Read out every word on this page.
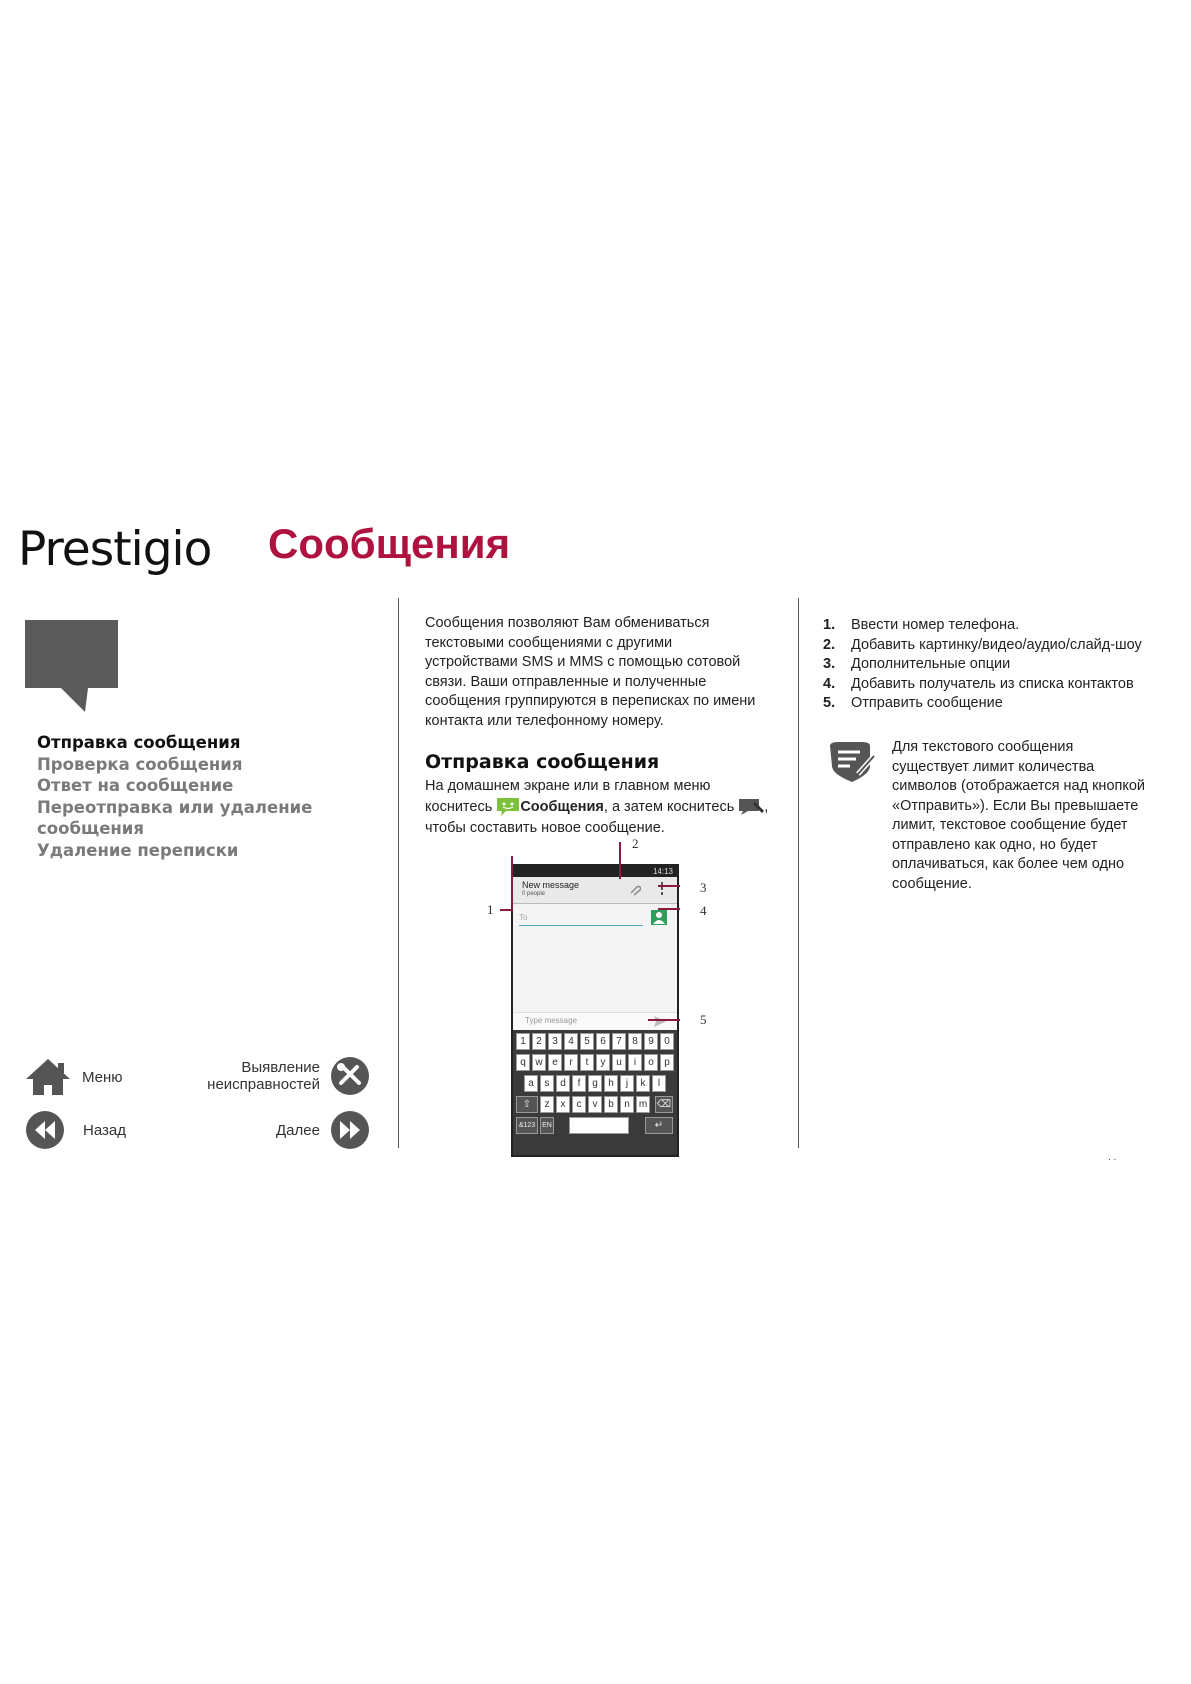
Prestigio Сообщения
Отправка сообщения
Проверка сообщения
Ответ на сообщение
Переотправка или удаление
сообщения
Удаление переписки
Меню
Выявление
неисправностей
Назад	Далее
Сообщения позволяют Вам обмениваться
текстовыми сообщениями с другими
устройствами SMS и MMS с помощью сотовой
связи. Ваши отправленные и полученные
сообщения группируются в переписках по имени
контакта или телефонному номеру.
Отправка сообщения
На домашнем экране или в главном меню
коснитесь Сообщения, а затем коснитесь ,
чтобы составить новое сообщение.
14:13
New message
0 people
To
Type message
1	2	3	4	5	6	7	8	9	0
q w e	r	t	y	u	i	o	p
a	s	d	f	g	h	j	k	l
z	x	c	v	b	n m
&123 EN	↵
⌫
⇧
1
2
3
4
5
1.	Ввести номер телефона.
2.	Добавить картинку/видео/аудио/слайд-шоу
3.	Дополнительные опции
4.	Добавить получатель из списка контактов
5.	Отправить сообщение
Для текстового сообщения
существует лимит количества
символов (отображается над кнопкой
«Отправить»). Если Вы превышаете
лимит, текстовое сообщение будет
отправлено как одно, но будет
оплачиваться, как более чем одно
сообщение.
. .
